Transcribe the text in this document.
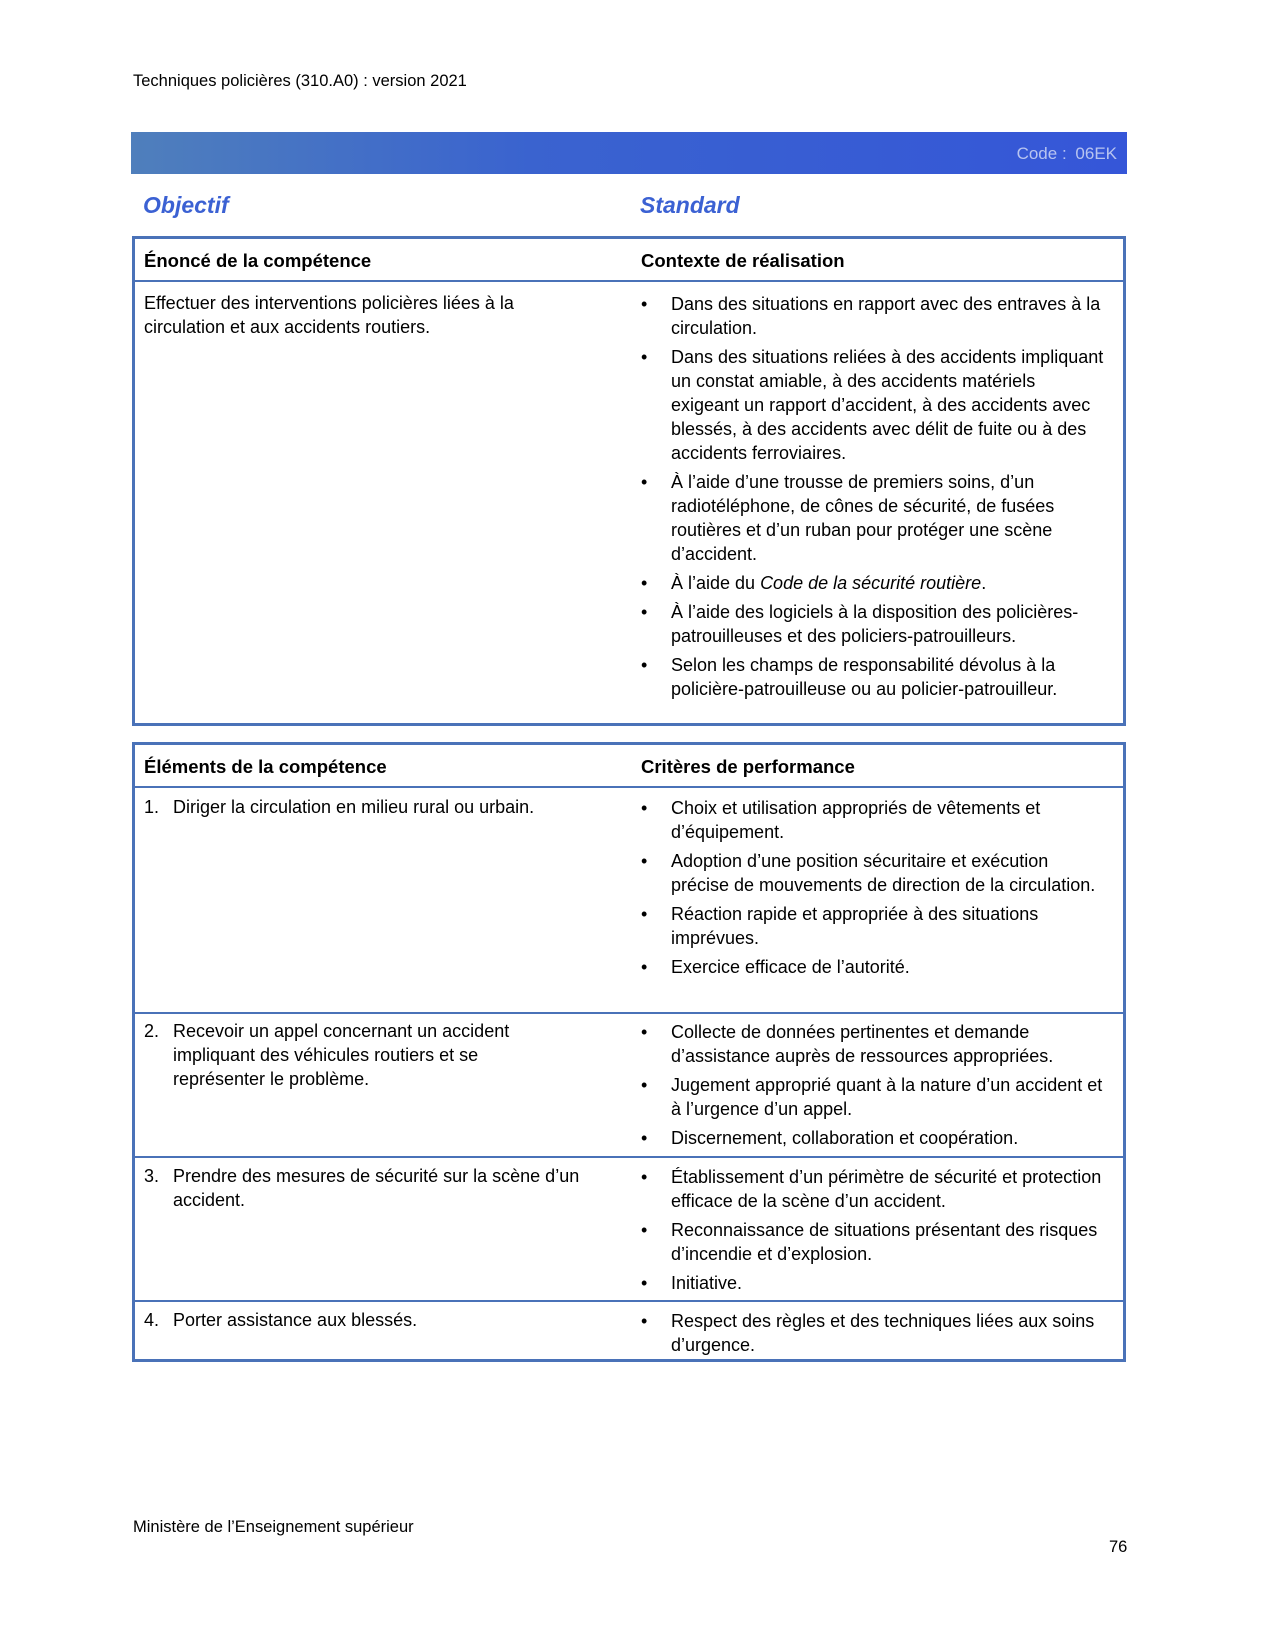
Techniques policières (310.A0) : version 2021
Code : 06EK
Objectif	Standard
Énoncé de la compétence	Contexte de réalisation
Effectuer des interventions policières liées à la circulation et aux accidents routiers.
• Dans des situations en rapport avec des entraves à la circulation.
• Dans des situations reliées à des accidents impliquant un constat amiable, à des accidents matériels exigeant un rapport d’accident, à des accidents avec blessés, à des accidents avec délit de fuite ou à des accidents ferroviaires.
• À l’aide d’une trousse de premiers soins, d’un radiotéléphone, de cônes de sécurité, de fusées routières et d’un ruban pour protéger une scène d’accident.
• À l’aide du Code de la sécurité routière.
• À l’aide des logiciels à la disposition des policières-patrouilleuses et des policiers-patrouilleurs.
• Selon les champs de responsabilité dévolus à la policière-patrouilleuse ou au policier-patrouilleur.
Éléments de la compétence	Critères de performance
1. Diriger la circulation en milieu rural ou urbain.	• Choix et utilisation appropriés de vêtements et d’équipement.
• Adoption d’une position sécuritaire et exécution précise de mouvements de direction de la circulation.
• Réaction rapide et appropriée à des situations imprévues.
• Exercice efficace de l’autorité.
2. Recevoir un appel concernant un accident impliquant des véhicules routiers et se représenter le problème.
• Collecte de données pertinentes et demande d’assistance auprès de ressources appropriées.
• Jugement approprié quant à la nature d’un accident et à l’urgence d’un appel.
• Discernement, collaboration et coopération.
3. Prendre des mesures de sécurité sur la scène d’un accident.
• Établissement d’un périmètre de sécurité et protection efficace de la scène d’un accident.
• Reconnaissance de situations présentant des risques d’incendie et d’explosion.
• Initiative.
4. Porter assistance aux blessés.	• Respect des règles et des techniques liées aux soins d’urgence.
Ministère de l’Enseignement supérieur
76
